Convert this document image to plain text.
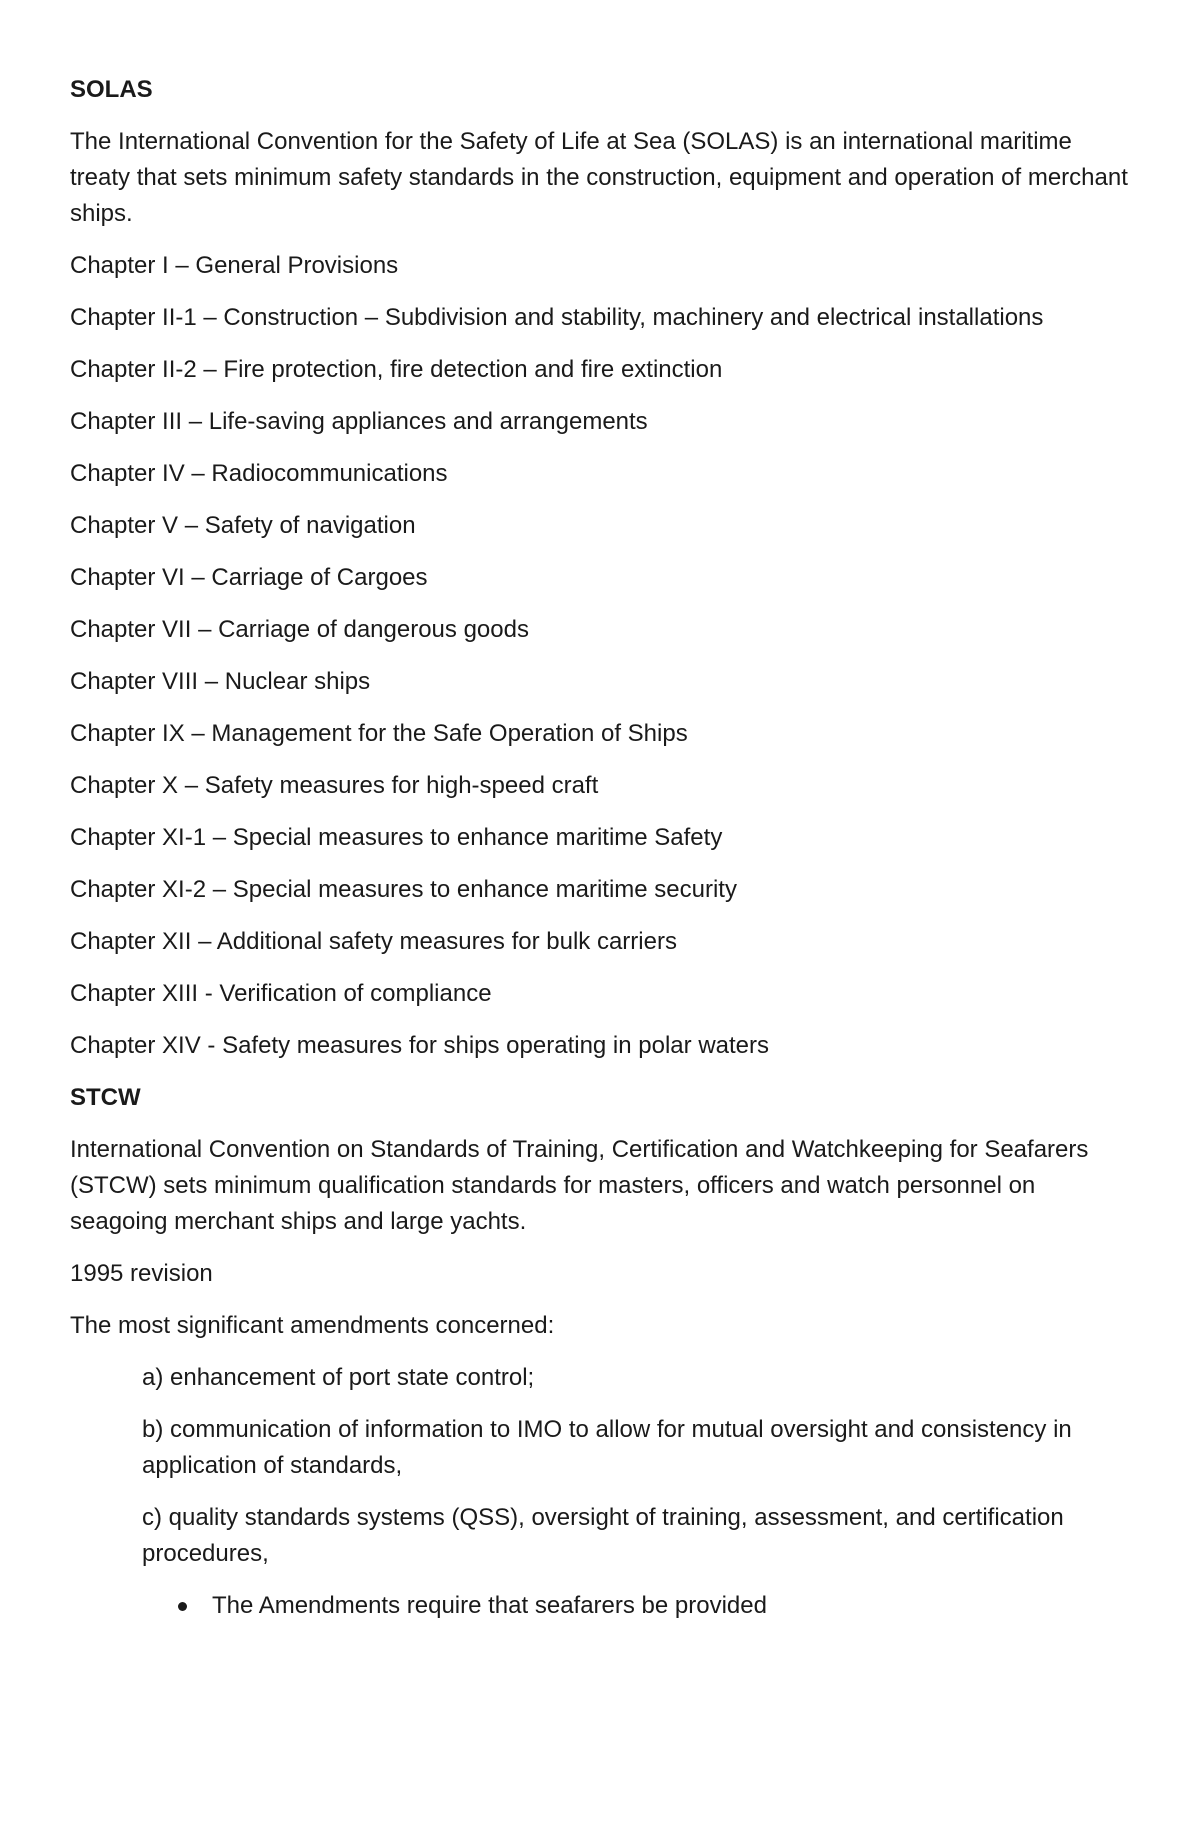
SOLAS

The International Convention for the Safety of Life at Sea (SOLAS) is an international maritime treaty that sets minimum safety standards in the construction, equipment and operation of merchant ships.

Chapter I – General Provisions
Chapter II-1 – Construction – Subdivision and stability, machinery and electrical installations
Chapter II-2 – Fire protection, fire detection and fire extinction
Chapter III – Life-saving appliances and arrangements
Chapter IV – Radiocommunications
Chapter V – Safety of navigation
Chapter VI – Carriage of Cargoes
Chapter VII – Carriage of dangerous goods
Chapter VIII – Nuclear ships
Chapter IX – Management for the Safe Operation of Ships
Chapter X – Safety measures for high-speed craft
Chapter XI-1 – Special measures to enhance maritime Safety
Chapter XI-2 – Special measures to enhance maritime security
Chapter XII – Additional safety measures for bulk carriers
Chapter XIII - Verification of compliance
Chapter XIV - Safety measures for ships operating in polar waters

STCW

International Convention on Standards of Training, Certification and Watchkeeping for Seafarers (STCW) sets minimum qualification standards for masters, officers and watch personnel on seagoing merchant ships and large yachts.

1995 revision

The most significant amendments concerned:

a) enhancement of port state control;
b) communication of information to IMO to allow for mutual oversight and consistency in application of standards,
c) quality standards systems (QSS), oversight of training, assessment, and certification procedures,
The Amendments require that seafarers be provided
